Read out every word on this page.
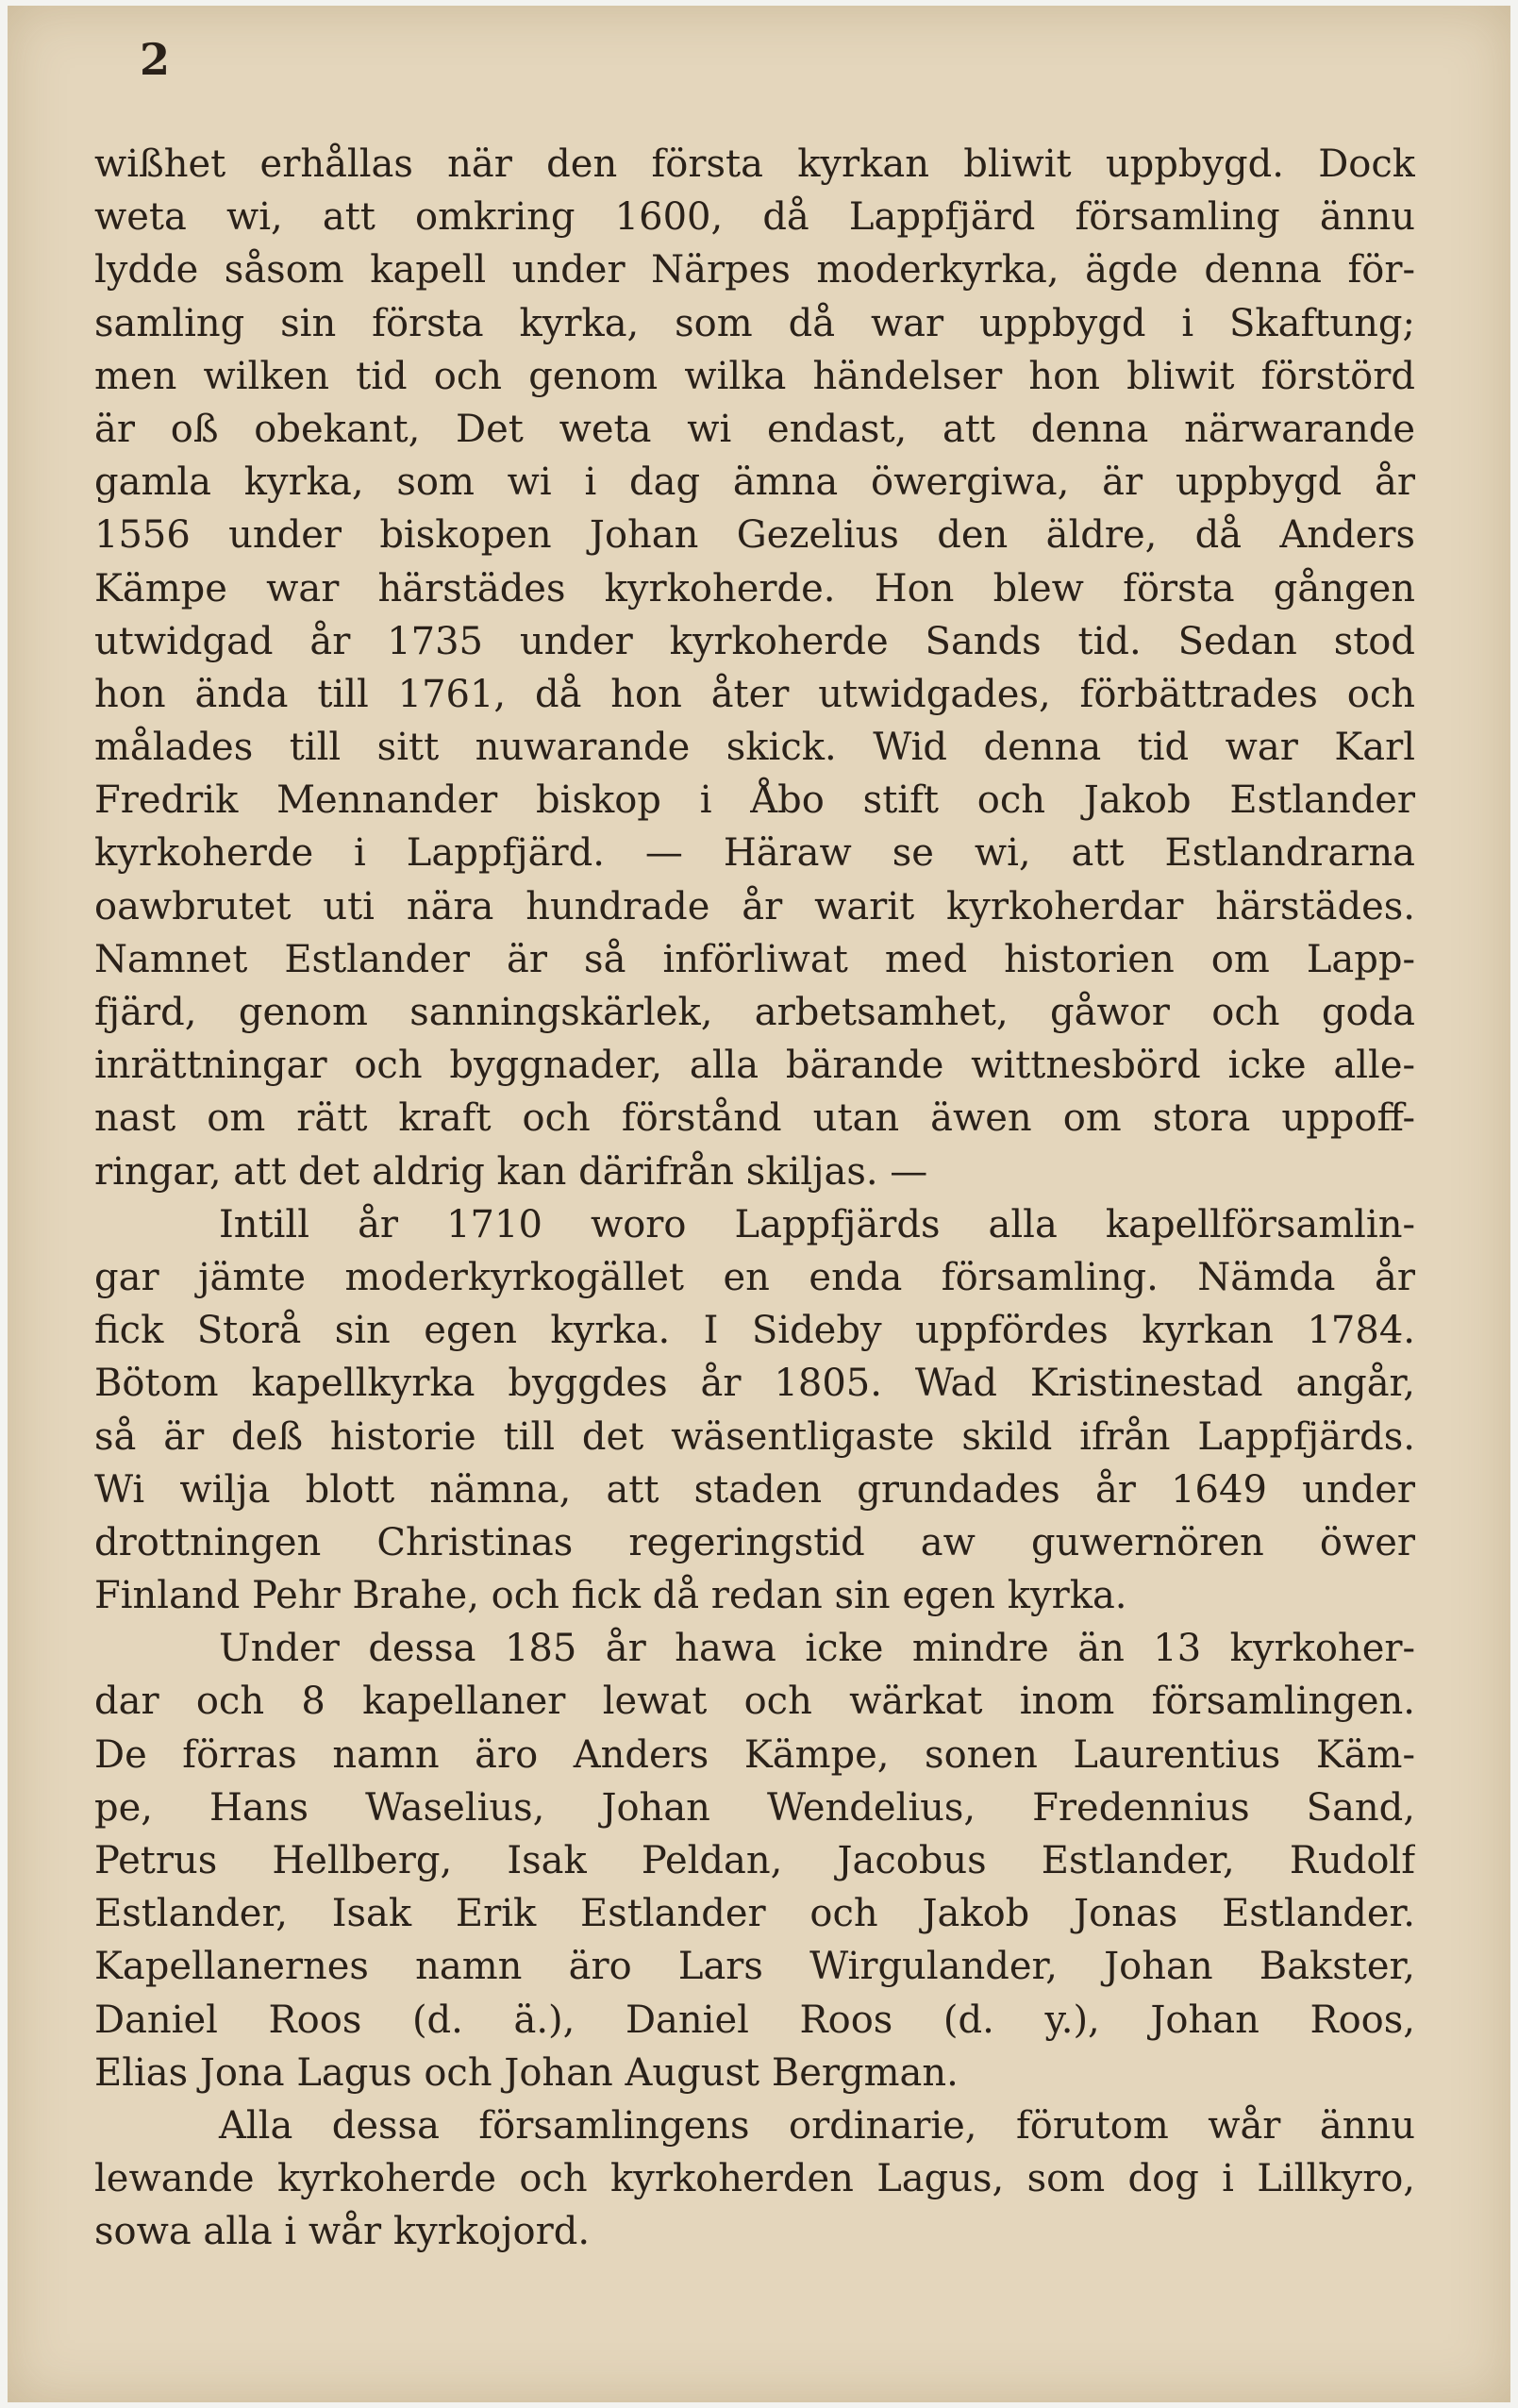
2
wißhet erhållas när den första kyrkan bliwit uppbygd. Dock
weta wi, att omkring 1600, då Lappfjärd församling ännu
lydde såsom kapell under Närpes moderkyrka, ägde denna för-
samling sin första kyrka, som då war uppbygd i Skaftung;
men wilken tid och genom wilka händelser hon bliwit förstörd
är oß obekant, Det weta wi endast, att denna närwarande
gamla kyrka, som wi i dag ämna öwergiwa, är uppbygd år
1556 under biskopen Johan Gezelius den äldre, då Anders
Kämpe war härstädes kyrkoherde. Hon blew första gången
utwidgad år 1735 under kyrkoherde Sands tid. Sedan stod
hon ända till 1761, då hon åter utwidgades, förbättrades och
målades till sitt nuwarande skick. Wid denna tid war Karl
Fredrik Mennander biskop i Åbo stift och Jakob Estlander
kyrkoherde i Lappfjärd. — Häraw se wi, att Estlandrarna
oawbrutet uti nära hundrade år warit kyrkoherdar härstädes.
Namnet Estlander är så införliwat med historien om Lapp-
fjärd, genom sanningskärlek, arbetsamhet, gåwor och goda
inrättningar och byggnader, alla bärande wittnesbörd icke alle-
nast om rätt kraft och förstånd utan äwen om stora uppoff-
ringar, att det aldrig kan därifrån skiljas. —
Intill år 1710 woro Lappfjärds alla kapellförsamlin-
gar jämte moderkyrkogället en enda församling. Nämda år
fick Storå sin egen kyrka. I Sideby uppfördes kyrkan 1784.
Bötom kapellkyrka byggdes år 1805. Wad Kristinestad angår,
så är deß historie till det wäsentligaste skild ifrån Lappfjärds.
Wi wilja blott nämna, att staden grundades år 1649 under
drottningen Christinas regeringstid aw guwernören öwer
Finland Pehr Brahe, och fick då redan sin egen kyrka.
Under dessa 185 år hawa icke mindre än 13 kyrkoher-
dar och 8 kapellaner lewat och wärkat inom församlingen.
De förras namn äro Anders Kämpe, sonen Laurentius Käm-
pe, Hans Waselius, Johan Wendelius, Fredennius Sand,
Petrus Hellberg, Isak Peldan, Jacobus Estlander, Rudolf
Estlander, Isak Erik Estlander och Jakob Jonas Estlander.
Kapellanernes namn äro Lars Wirgulander, Johan Bakster,
Daniel Roos (d. ä.), Daniel Roos (d. y.), Johan Roos,
Elias Jona Lagus och Johan August Bergman.
Alla dessa församlingens ordinarie, förutom wår ännu
lewande kyrkoherde och kyrkoherden Lagus, som dog i Lillkyro,
sowa alla i wår kyrkojord.
